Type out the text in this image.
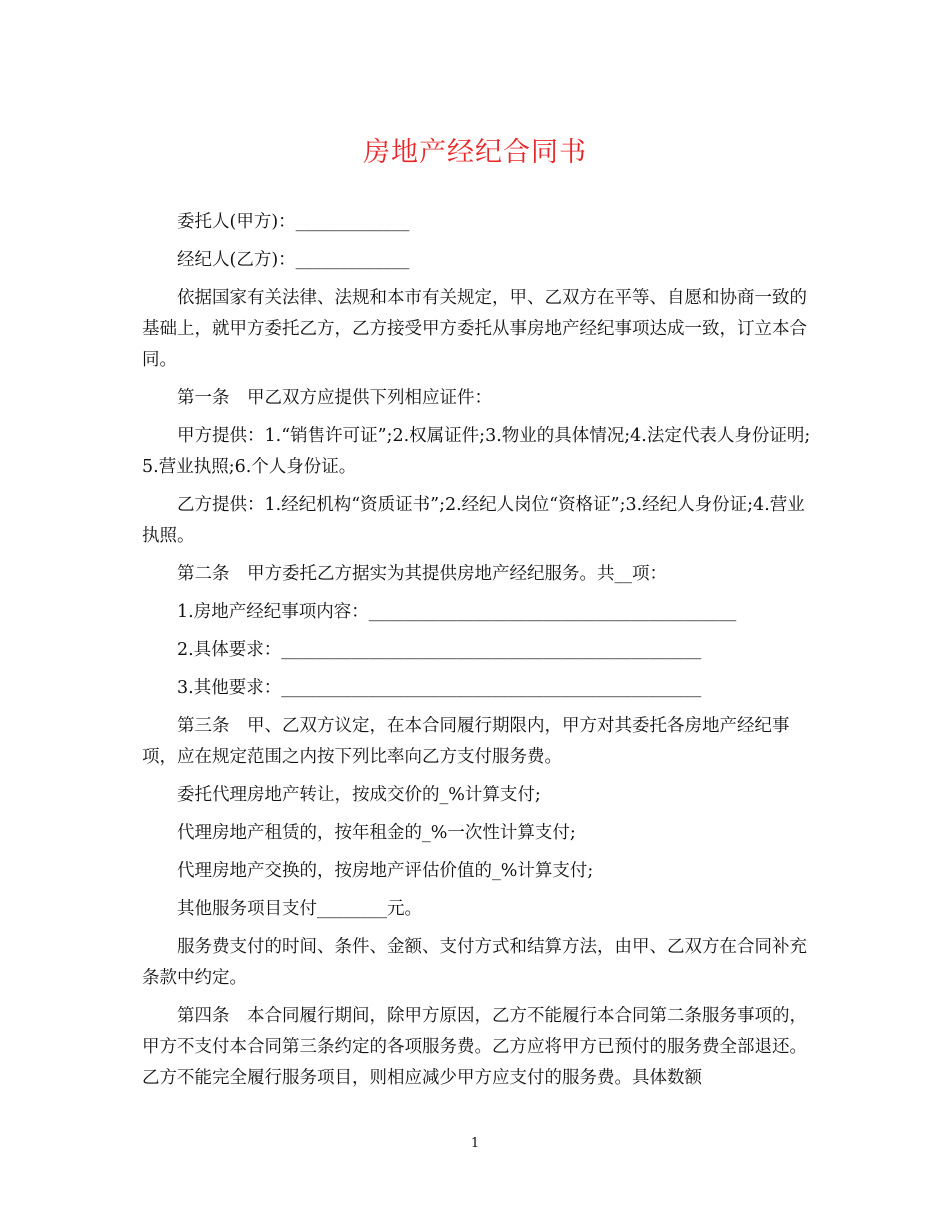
房地产经纪合同书
委托人(甲方)：_____________
经纪人(乙方)：_____________
依据国家有关法律、法规和本市有关规定，甲、乙双方在平等、自愿和协商一致的基础上，就甲方委托乙方，乙方接受甲方委托从事房地产经纪事项达成一致，订立本合同。
第一条　甲乙双方应提供下列相应证件：
甲方提供：1.“销售许可证”;2.权属证件;3.物业的具体情况;4.法定代表人身份证明;5.营业执照;6.个人身份证。
乙方提供：1.经纪机构“资质证书”;2.经纪人岗位“资格证”;3.经纪人身份证;4.营业执照。
第二条　甲方委托乙方据实为其提供房地产经纪服务。共__项：
1.房地产经纪事项内容：__________________________________________
2.具体要求：________________________________________________
3.其他要求：________________________________________________
第三条　甲、乙双方议定，在本合同履行期限内，甲方对其委托各房地产经纪事项，应在规定范围之内按下列比率向乙方支付服务费。
委托代理房地产转让，按成交价的_%计算支付;
代理房地产租赁的，按年租金的_%一次性计算支付;
代理房地产交换的，按房地产评估价值的_%计算支付;
其他服务项目支付________元。
服务费支付的时间、条件、金额、支付方式和结算方法，由甲、乙双方在合同补充条款中约定。
第四条　本合同履行期间，除甲方原因，乙方不能履行本合同第二条服务事项的，甲方不支付本合同第三条约定的各项服务费。乙方应将甲方已预付的服务费全部退还。乙方不能完全履行服务项目，则相应减少甲方应支付的服务费。具体数额
1
